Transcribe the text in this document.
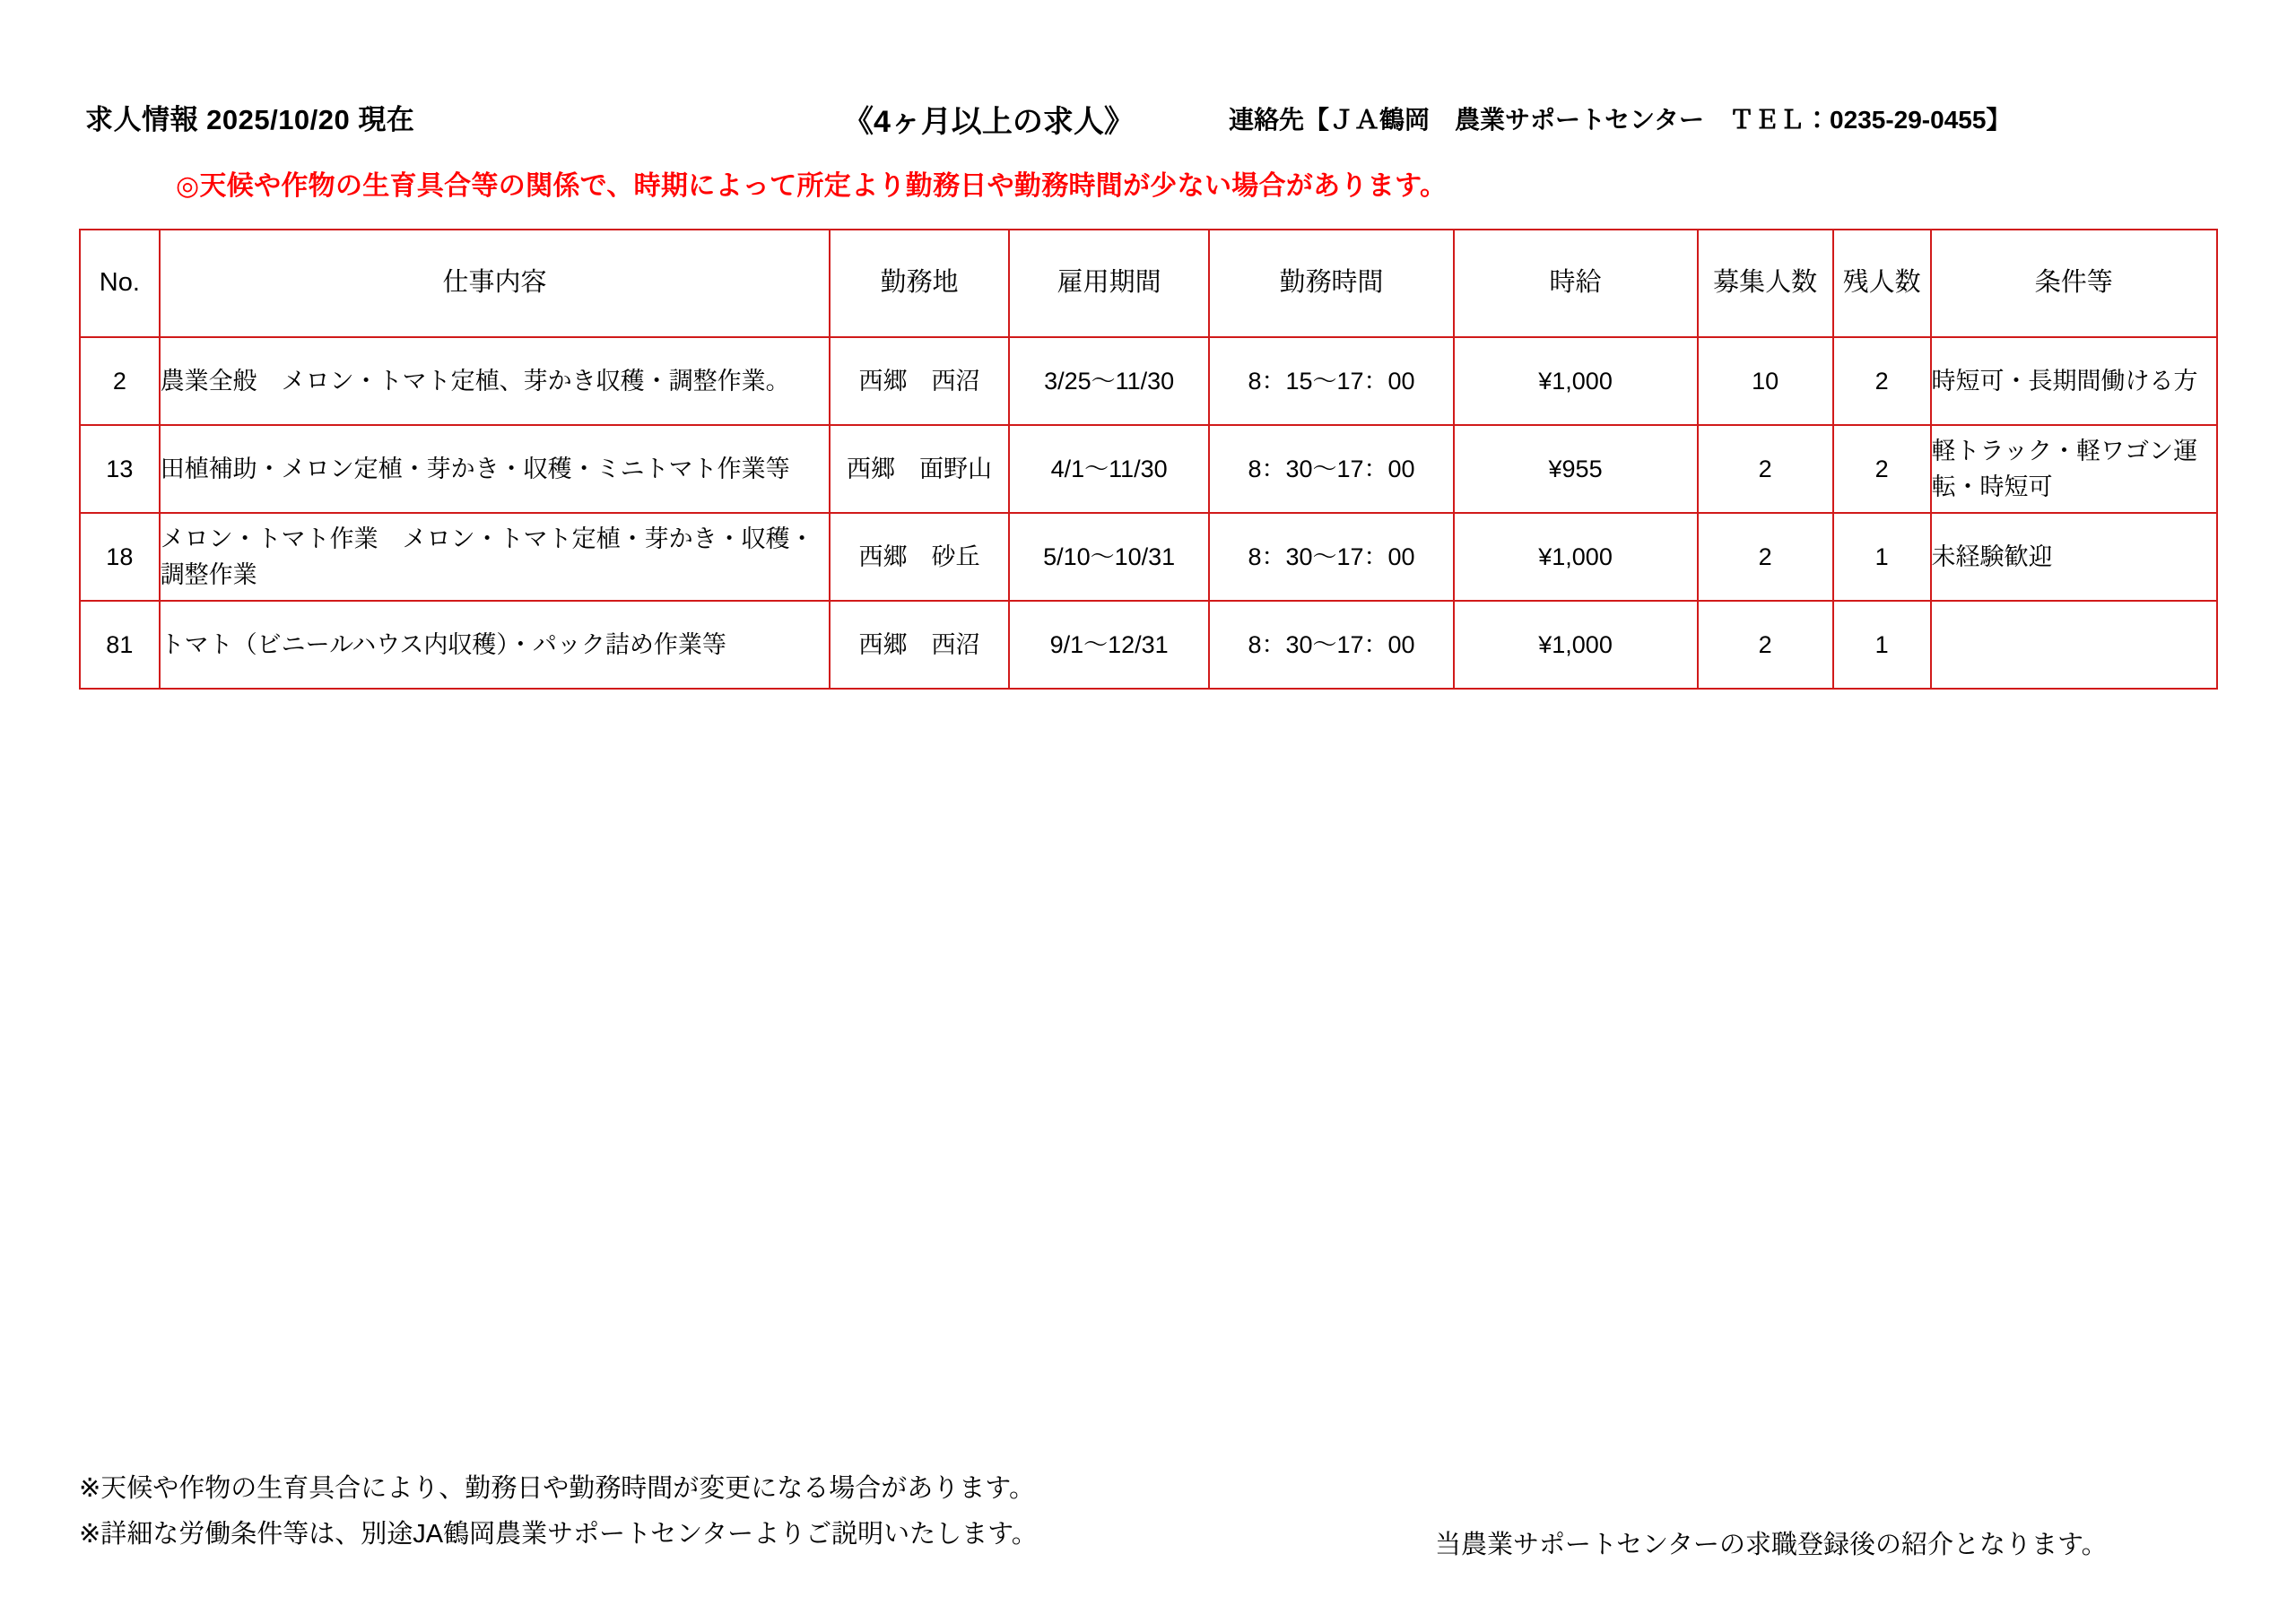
求人情報 2025/10/20 現在	《4ヶ月以上の求人》	連絡先【ＪＡ鶴岡　農業サポートセンター　ＴＥＬ：0235-29-0455】
◎天候や作物の生育具合等の関係で、時期によって所定より勤務日や勤務時間が少ない場合があります。
No.	仕事内容	勤務地	雇用期間	勤務時間	時給	募集人数	残人数	条件等
2	農業全般　メロン・トマト定植、芽かき収穫・調整作業。	西郷　西沼	3/25～11/30	8：15～17：00	¥1,000	10	2	時短可・長期間働ける方
13	田植補助・メロン定植・芽かき・収穫・ミニトマト作業等	西郷　面野山	4/1～11/30	8：30～17：00	¥955	2	2	軽トラック・軽ワゴン運転・時短可
18	メロン・トマト作業　メロン・トマト定植・芽かき・収穫・調整作業	西郷　砂丘	5/10～10/31	8：30～17：00	¥1,000	2	1	未経験歓迎
81	トマト（ビニールハウス内収穫）・パック詰め作業等	西郷　西沼	9/1～12/31	8：30～17：00	¥1,000	2	1	
※天候や作物の生育具合により、勤務日や勤務時間が変更になる場合があります。
※詳細な労働条件等は、別途JA鶴岡農業サポートセンターよりご説明いたします。	当農業サポートセンターの求職登録後の紹介となります。
